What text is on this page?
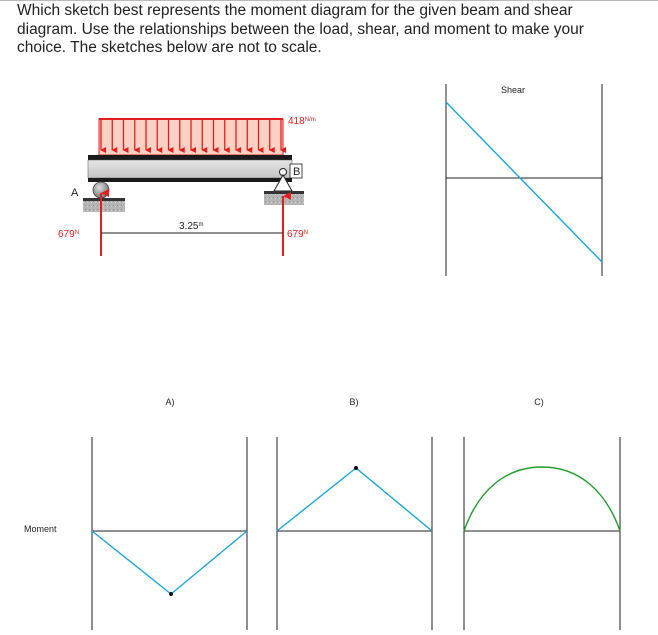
Which sketch best represents the moment diagram for the given beam and shear
diagram. Use the relationships between the load, shear, and moment to make your
choice. The sketches below are not to scale.
$418^{N/m}$
A
B
$679^N$	$679^N$
3.25$^m$
Shear
A)	B)	C)
Moment
